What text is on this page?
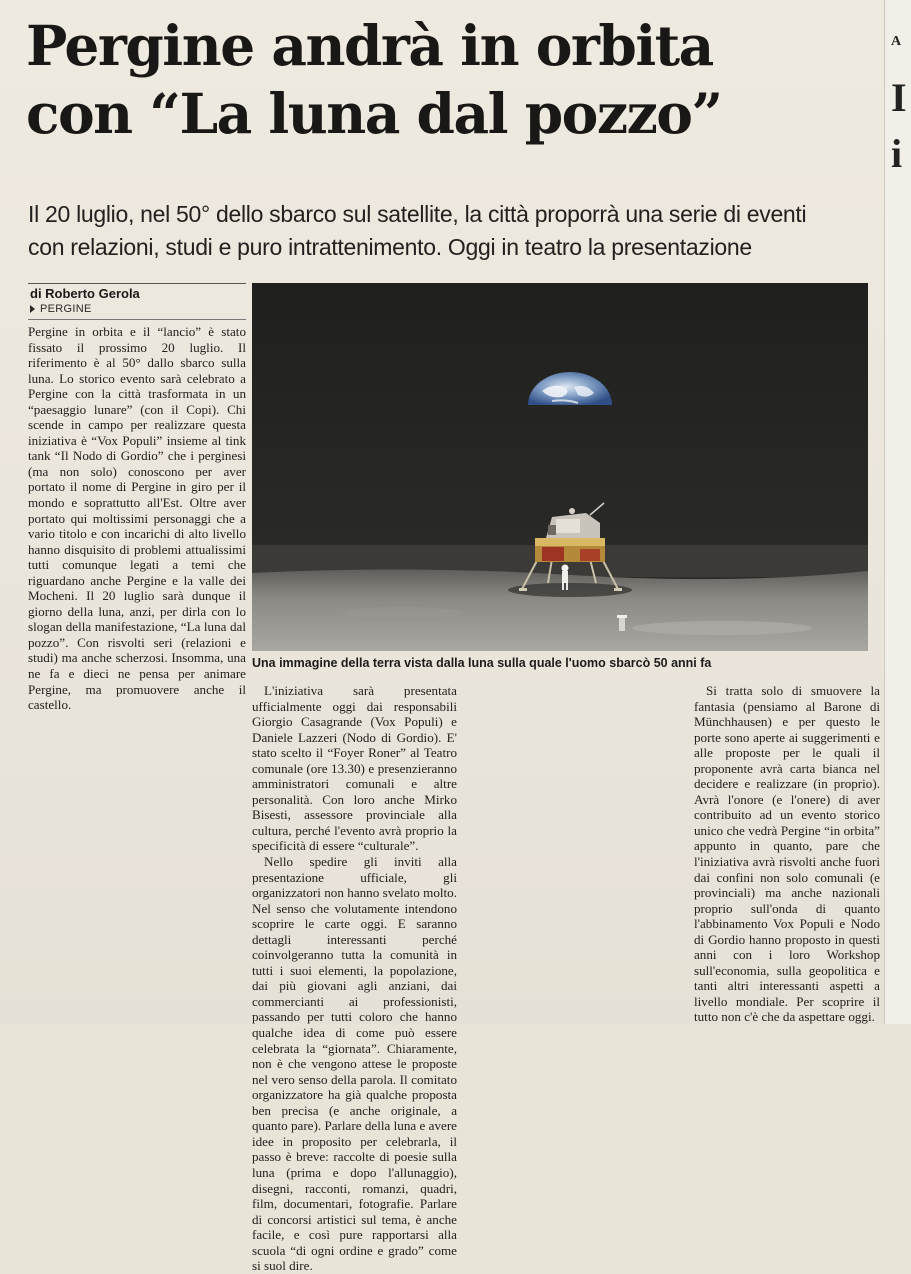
Pergine andrà in orbita
con “La luna dal pozzo”

Il 20 luglio, nel 50° dello sbarco sul satellite, la città proporrà una serie di eventi
con relazioni, studi e puro intrattenimento. Oggi in teatro la presentazione

di Roberto Gerola
PERGINE
Una immagine della terra vista dalla luna sulla quale l'uomo sbarcò 50 anni fa

Pergine in orbita e il “lancio” è stato fissato il prossimo 20 luglio. Il riferimento è al 50° dallo sbarco sulla luna. Lo storico evento sarà celebrato a Pergine con la città trasformata in un “paesaggio lunare” (con il Copi). Chi scende in campo per realizzare questa iniziativa è “Vox Populi” insieme al tink tank “Il Nodo di Gordio” che i perginesi (ma non solo) conoscono per aver portato il nome di Pergine in giro per il mondo e soprattutto all'Est. Oltre aver portato qui moltissimi personaggi che a vario titolo e con incarichi di alto livello hanno disquisito di problemi attualissimi tutti comunque legati a temi che riguardano anche Pergine e la valle dei Mocheni. Il 20 luglio sarà dunque il giorno della luna, anzi, per dirla con lo slogan della manifestazione, “La luna dal pozzo”. Con risvolti seri (relazioni e studi) ma anche scherzosi. Insomma, una ne fa e dieci ne pensa per animare Pergine, ma promuovere anche il castello.

L'iniziativa sarà presentata ufficialmente oggi dai responsabili Giorgio Casagrande (Vox Populi) e Daniele Lazzeri (Nodo di Gordio). E' stato scelto il “Foyer Roner” al Teatro comunale (ore 13.30) e presenzieranno amministratori comunali e altre personalità. Con loro anche Mirko Bisesti, assessore provinciale alla cultura, perché l'evento avrà proprio la specificità di essere “culturale”.

Nello spedire gli inviti alla presentazione ufficiale, gli organizzatori non hanno svelato molto. Nel senso che volutamente intendono scoprire le carte oggi. E saranno dettagli interessanti perché coinvolgeranno tutta la comunità in tutti i suoi elementi, la popolazione, dai più giovani agli anziani, dai commercianti ai professionisti, passando per tutti coloro che hanno qualche idea di come può essere celebrata la “giornata”. Chiaramente, non è che vengono attese le proposte nel vero senso della parola. Il comitato organizzatore ha già qualche proposta ben precisa (e anche originale, a quanto pare). Parlare della luna e avere idee in proposito per celebrarla, il passo è breve: raccolte di poesie sulla luna (prima e dopo l'allunaggio), disegni, racconti, romanzi, quadri, film, documentari, fotografie. Parlare di concorsi artistici sul tema, è anche facile, e così pure rapportarsi alla scuola “di ogni ordine e grado” come si suol dire.

Si tratta solo di smuovere la fantasia (pensiamo al Barone di Münchhausen) e per questo le porte sono aperte ai suggerimenti e alle proposte per le quali il proponente avrà carta bianca nel decidere e realizzare (in proprio). Avrà l'onore (e l'onere) di aver contribuito ad un evento storico unico che vedrà Pergine “in orbita” appunto in quanto, pare che l'iniziativa avrà risvolti anche fuori dai confini non solo comunali (e provinciali) ma anche nazionali proprio sull'onda di quanto l'abbinamento Vox Populi e Nodo di Gordio hanno proposto in questi anni con i loro Workshop sull'economia, sulla geopolitica e tanti altri interessanti aspetti a livello mondiale. Per scoprire il tutto non c'è che da aspettare oggi.

A
I
i
